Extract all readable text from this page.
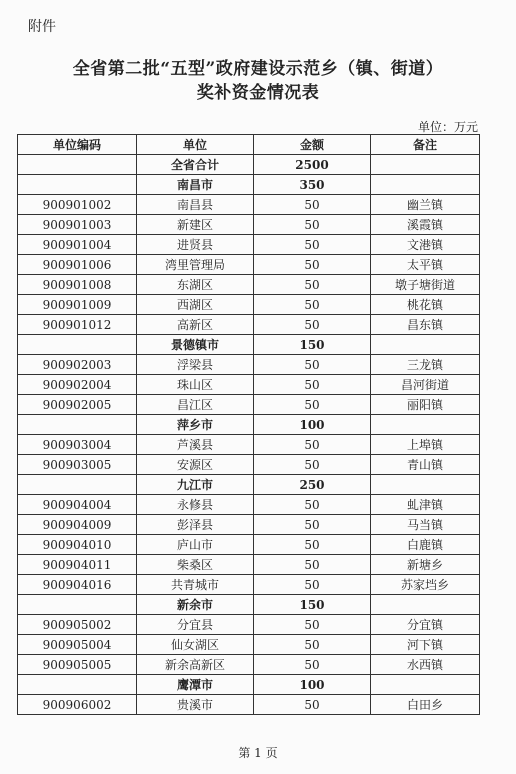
附件
全省第二批“五型”政府建设示范乡（镇、街道）
奖补资金情况表
单位：万元
单位编码	单位	金额	备注
	全省合计	2500	
	南昌市	350	
900901002	南昌县	50	幽兰镇
900901003	新建区	50	溪霞镇
900901004	进贤县	50	文港镇
900901006	湾里管理局	50	太平镇
900901008	东湖区	50	墩子塘街道
900901009	西湖区	50	桃花镇
900901012	高新区	50	昌东镇
	景德镇市	150	
900902003	浮梁县	50	三龙镇
900902004	珠山区	50	昌河街道
900902005	昌江区	50	丽阳镇
	萍乡市	100	
900903004	芦溪县	50	上埠镇
900903005	安源区	50	青山镇
	九江市	250	
900904004	永修县	50	虬津镇
900904009	彭泽县	50	马当镇
900904010	庐山市	50	白鹿镇
900904011	柴桑区	50	新塘乡
900904016	共青城市	50	苏家垱乡
	新余市	150	
900905002	分宜县	50	分宜镇
900905004	仙女湖区	50	河下镇
900905005	新余高新区	50	水西镇
	鹰潭市	100	
900906002	贵溪市	50	白田乡
第 1 页
